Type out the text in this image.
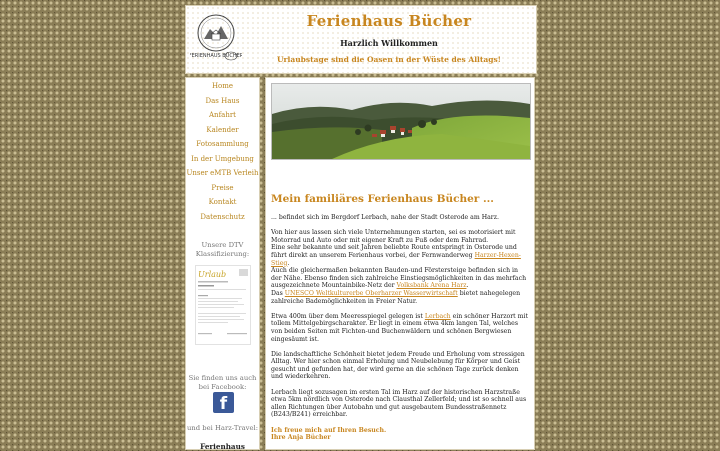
FERIENHAUS BÜCHER
Ferienhaus Bücher
Harzlich Willkommen
Urlaubstage sind die Oasen in der Wüste des Alltags!
Home
Das Haus
Anfahrt
Kalender
Fotosammlung
In der Umgebung
Unser eMTB Verleih
Preise
Kontakt
Datenschutz
Unsere DTV Klassifizierung:
Urlaub
Sie finden uns auch bei Facebook:
f
und bei Harz-Travel:
Ferienhaus
Mein familiäres Ferienhaus Bücher ...

... befindet sich im Bergdorf Lerbach, nahe der Stadt Osterode am Harz.

Von hier aus lassen sich viele Unternehmungen starten, sei es motorisiert mit Motorrad und Auto oder mit eigener Kraft zu Fuß oder dem Fahrrad.
Eine sehr bekannte und seit Jahren beliebte Route entspringt in Osterode und führt direkt an unserem Ferienhaus vorbei, der Fernwanderweg Harzer-Hexen-Stieg.
Auch die gleichermaßen bekannten Bauden-und Förstersteige befinden sich in der Nähe. Ebenso finden sich zahlreiche Einstiegsmöglichkeiten in das mehrfach ausgezeichnete Mountainbike-Netz der Volksbank Arena Harz.
Das UNESCO Weltkulturerbe Oberharzer Wasserwirtschaft bietet nahegelegen zahlreiche Bademöglichkeiten in Freier Natur.

Etwa 400m über dem Meeresspiegel gelegen ist Lerbach ein schöner Harzort mit tollem Mittelgebirgscharakter. Er liegt in einem etwa 4km langen Tal, welches von beiden Seiten mit Fichten-und Buchenwäldern und schönen Bergwiesen eingesäumt ist.

Die landschaftliche Schönheit bietet jedem Freude und Erholung vom stressigen Alltag. Wer hier schon einmal Erholung und Neubelebung für Körper und Geist gesucht und gefunden hat, der wird gerne an die schönen Tage zurück denken und wiederkehren.

Lerbach liegt sozusagen im ersten Tal im Harz auf der historischen Harzstraße etwa 5km nördlich von Osterode nach Clausthal Zellerfeld; und ist so schnell aus allen Richtungen über Autobahn und gut ausgebautem Bundesstraßennetz (B243/B241) erreichbar.

Ich freue mich auf Ihren Besuch.
Ihre Anja Bücher
